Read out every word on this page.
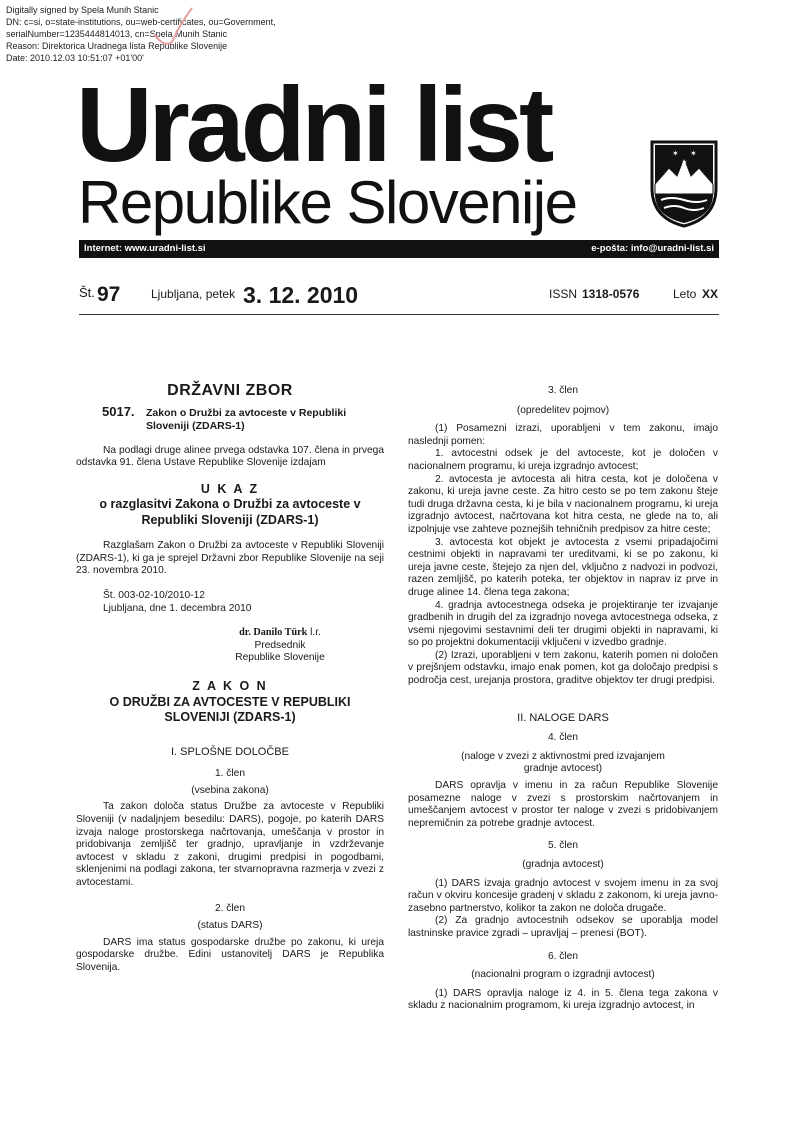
Digitally signed by Spela Munih Stanic
DN: c=si, o=state-institutions, ou=web-certificates, ou=Government,
serialNumber=1235444814013, cn=Spela Munih Stanic
Reason: Direktorica Uradnega lista Republike Slovenije
Date: 2010.12.03 10:51:07 +01'00'
Uradni list
Republike Slovenije
✶ ✶
✶
Internet: www.uradni-list.si	e-pošta: info@uradni-list.si
Št. 97	Ljubljana, petek 3. 12. 2010	ISSN 1318-0576	Leto XX
DRŽAVNI ZBOR
5017. Zakon o Družbi za avtoceste v Republiki Sloveniji (ZDARS-1)

Na podlagi druge alinee prvega odstavka 107. člena in prvega odstavka 91. člena Ustave Republike Slovenije izdajam

U K A Z
o razglasitvi Zakona o Družbi za avtoceste v Republiki Sloveniji (ZDARS-1)

Razglašam Zakon o Družbi za avtoceste v Republiki Sloveniji (ZDARS-1), ki ga je sprejel Državni zbor Republike Slovenije na seji 23. novembra 2010.

Št. 003-02-10/2010-12

Ljubljana, dne 1. decembra 2010

dr. Danilo Türk l.r.
Predsednik
Republike Slovenije
Z A K O N
O DRUŽBI ZA AVTOCESTE V REPUBLIKI SLOVENIJI (ZDARS-1)

I. SPLOŠNE DOLOČBE

1. člen

(vsebina zakona)

Ta zakon določa status Družbe za avtoceste v Republiki Sloveniji (v nadaljnjem besedilu: DARS), pogoje, po katerih DARS izvaja naloge prostorskega načrtovanja, umeščanja v prostor in pridobivanja zemljišč ter gradnjo, upravljanje in vzdrževanje avtocest v skladu z zakoni, drugimi predpisi in pogodbami, sklenjenimi na podlagi zakona, ter stvarnopravna razmerja v zvezi z avtocestami.

2. člen

(status DARS)

DARS ima status gospodarske družbe po zakonu, ki ureja gospodarske družbe. Edini ustanovitelj DARS je Republika Slovenija.

3. člen

(opredelitev pojmov)

(1) Posamezni izrazi, uporabljeni v tem zakonu, imajo naslednji pomen:

1. avtocestni odsek je del avtoceste, kot je določen v nacionalnem programu, ki ureja izgradnjo avtocest;

2. avtocesta je avtocesta ali hitra cesta, kot je določena v zakonu, ki ureja javne ceste. Za hitro cesto se po tem zakonu šteje tudi druga državna cesta, ki je bila v nacionalnem programu, ki ureja izgradnjo avtocest, načrtovana kot hitra cesta, ne glede na to, ali izpolnjuje vse zahteve poznejših tehničnih predpisov za hitre ceste;

3. avtocesta kot objekt je avtocesta z vsemi pripadajočimi cestnimi objekti in napravami ter ureditvami, ki se po zakonu, ki ureja javne ceste, štejejo za njen del, vključno z nadvozi in podvozi, razen zemljišč, po katerih poteka, ter objektov in naprav iz prve in druge alinee 14. člena tega zakona;

4. gradnja avtocestnega odseka je projektiranje ter izvajanje gradbenih in drugih del za izgradnjo novega avtocestnega odseka, z vsemi njegovimi sestavnimi deli ter drugimi objekti in napravami, ki so po projektni dokumentaciji vključeni v izvedbo gradnje.

(2) Izrazi, uporabljeni v tem zakonu, katerih pomen ni določen v prejšnjem odstavku, imajo enak pomen, kot ga določajo predpisi s področja cest, urejanja prostora, graditve objektov ter drugi predpisi.

II. NALOGE DARS

4. člen

(naloge v zvezi z aktivnostmi pred izvajanjem gradnje avtocest)

DARS opravlja v imenu in za račun Republike Slovenije posamezne naloge v zvezi s prostorskim načrtovanjem in umeščanjem avtocest v prostor ter naloge v zvezi s pridobivanjem nepremičnin za potrebe gradnje avtocest.

5. člen

(gradnja avtocest)

(1) DARS izvaja gradnjo avtocest v svojem imenu in za svoj račun v okviru koncesije gradenj v skladu z zakonom, ki ureja javno-zasebno partnerstvo, kolikor ta zakon ne določa drugače.

(2) Za gradnjo avtocestnih odsekov se uporablja model lastninske pravice zgradi – upravljaj – prenesi (BOT).

6. člen

(nacionalni program o izgradnji avtocest)

(1) DARS opravlja naloge iz 4. in 5. člena tega zakona v skladu z nacionalnim programom, ki ureja izgradnjo avtocest, in
